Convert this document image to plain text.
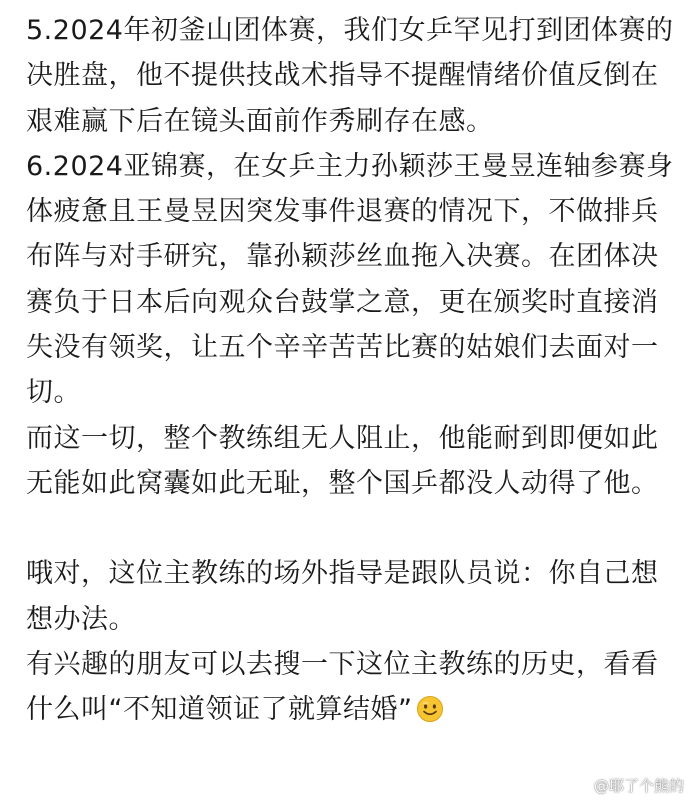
5.2024年初釜山团体赛，我们女乒罕见打到团体赛的决胜盘，他不提供技战术指导不提醒情绪价值反倒在艰难赢下后在镜头面前作秀刷存在感。

6.2024亚锦赛，在女乒主力孙颖莎王曼昱连轴参赛身体疲惫且王曼昱因突发事件退赛的情况下，不做排兵布阵与对手研究，靠孙颖莎丝血拖入决赛。在团体决赛负于日本后向观众台鼓掌之意，更在颁奖时直接消失没有领奖，让五个辛辛苦苦比赛的姑娘们去面对一切。

而这一切，整个教练组无人阻止，他能耐到即便如此无能如此窝囊如此无耻，整个国乒都没人动得了他。

哦对，这位主教练的场外指导是跟队员说：你自己想想办法。

有兴趣的朋友可以去搜一下这位主教练的历史，看看什么叫“不知道领证了就算结婚”

@耶了个熊的
